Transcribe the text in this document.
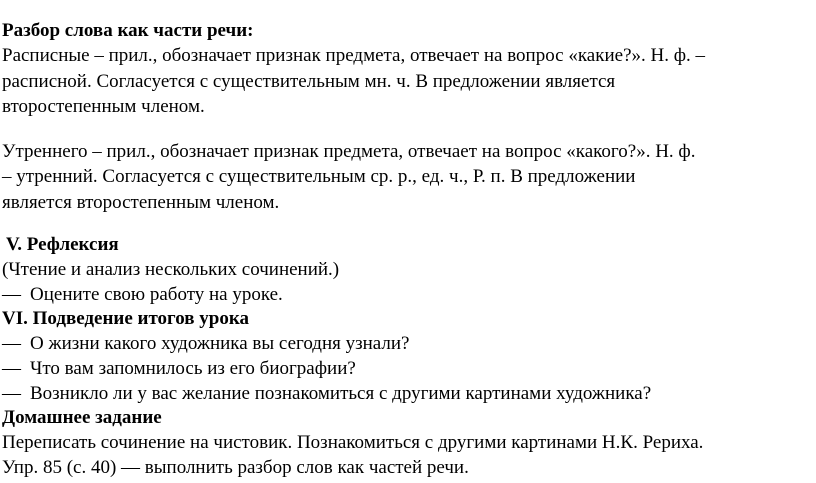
Разбор слова как части речи:
Расписные – прил., обозначает признак предмета, отвечает на вопрос «какие?». Н. ф. –
расписной. Согласуется с существительным мн. ч. В предложении является
второстепенным членом.
Утреннего – прил., обозначает признак предмета, отвечает на вопрос «какого?». Н. ф.
– утренний. Согласуется с существительным ср. р., ед. ч., Р. п. В предложении
является второстепенным членом.
V. Рефлексия
(Чтение и анализ нескольких сочинений.)
— Оцените свою работу на уроке.
VI. Подведение итогов урока
— О жизни какого художника вы сегодня узнали?
— Что вам запомнилось из его биографии?
— Возникло ли у вас желание познакомиться с другими картинами художника?
Домашнее задание
Переписать сочинение на чистовик. Познакомиться с другими картинами Н.К. Рериха.
Упр. 85 (с. 40) — выполнить разбор слов как частей речи.
